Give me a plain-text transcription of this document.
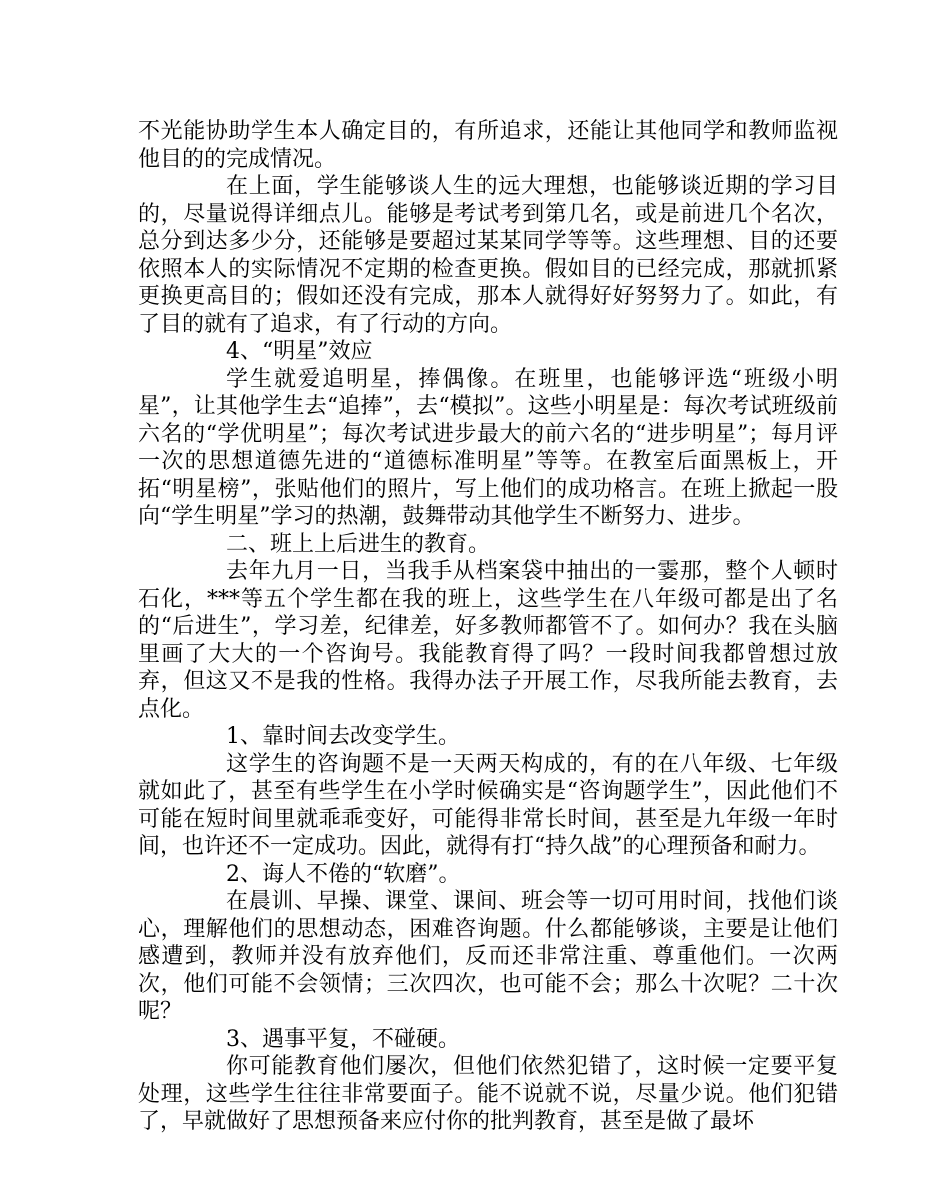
不光能协助学生本人确定目的，有所追求，还能让其他同学和教师监视他目的的完成情况。

在上面，学生能够谈人生的远大理想，也能够谈近期的学习目的，尽量说得详细点儿。能够是考试考到第几名，或是前进几个名次，总分到达多少分，还能够是要超过某某同学等等。这些理想、目的还要依照本人的实际情况不定期的检查更换。假如目的已经完成，那就抓紧更换更高目的；假如还没有完成，那本人就得好好努努力了。如此，有了目的就有了追求，有了行动的方向。

4、“明星”效应

学生就爱追明星，捧偶像。在班里，也能够评选“班级小明星”，让其他学生去“追捧”，去“模拟”。这些小明星是：每次考试班级前六名的“学优明星”；每次考试进步最大的前六名的“进步明星”；每月评一次的思想道德先进的“道德标准明星”等等。在教室后面黑板上，开拓“明星榜”，张贴他们的照片，写上他们的成功格言。在班上掀起一股向“学生明星”学习的热潮，鼓舞带动其他学生不断努力、进步。

二、班上上后进生的教育。

去年九月一日，当我手从档案袋中抽出的一霎那，整个人顿时石化，***等五个学生都在我的班上，这些学生在八年级可都是出了名的“后进生”，学习差，纪律差，好多教师都管不了。如何办？我在头脑里画了大大的一个咨询号。我能教育得了吗？一段时间我都曾想过放弃，但这又不是我的性格。我得办法子开展工作，尽我所能去教育，去点化。

1、靠时间去改变学生。

这学生的咨询题不是一天两天构成的，有的在八年级、七年级就如此了，甚至有些学生在小学时候确实是“咨询题学生”，因此他们不可能在短时间里就乖乖变好，可能得非常长时间，甚至是九年级一年时间，也许还不一定成功。因此，就得有打“持久战”的心理预备和耐力。

2、诲人不倦的“软磨”。

在晨训、早操、课堂、课间、班会等一切可用时间，找他们谈心，理解他们的思想动态，困难咨询题。什么都能够谈，主要是让他们感遭到，教师并没有放弃他们，反而还非常注重、尊重他们。一次两次，他们可能不会领情；三次四次，也可能不会；那么十次呢？二十次呢？

3、遇事平复，不碰硬。

你可能教育他们屡次，但他们依然犯错了，这时候一定要平复处理，这些学生往往非常要面子。能不说就不说，尽量少说。他们犯错了，早就做好了思想预备来应付你的批判教育，甚至是做了最坏
